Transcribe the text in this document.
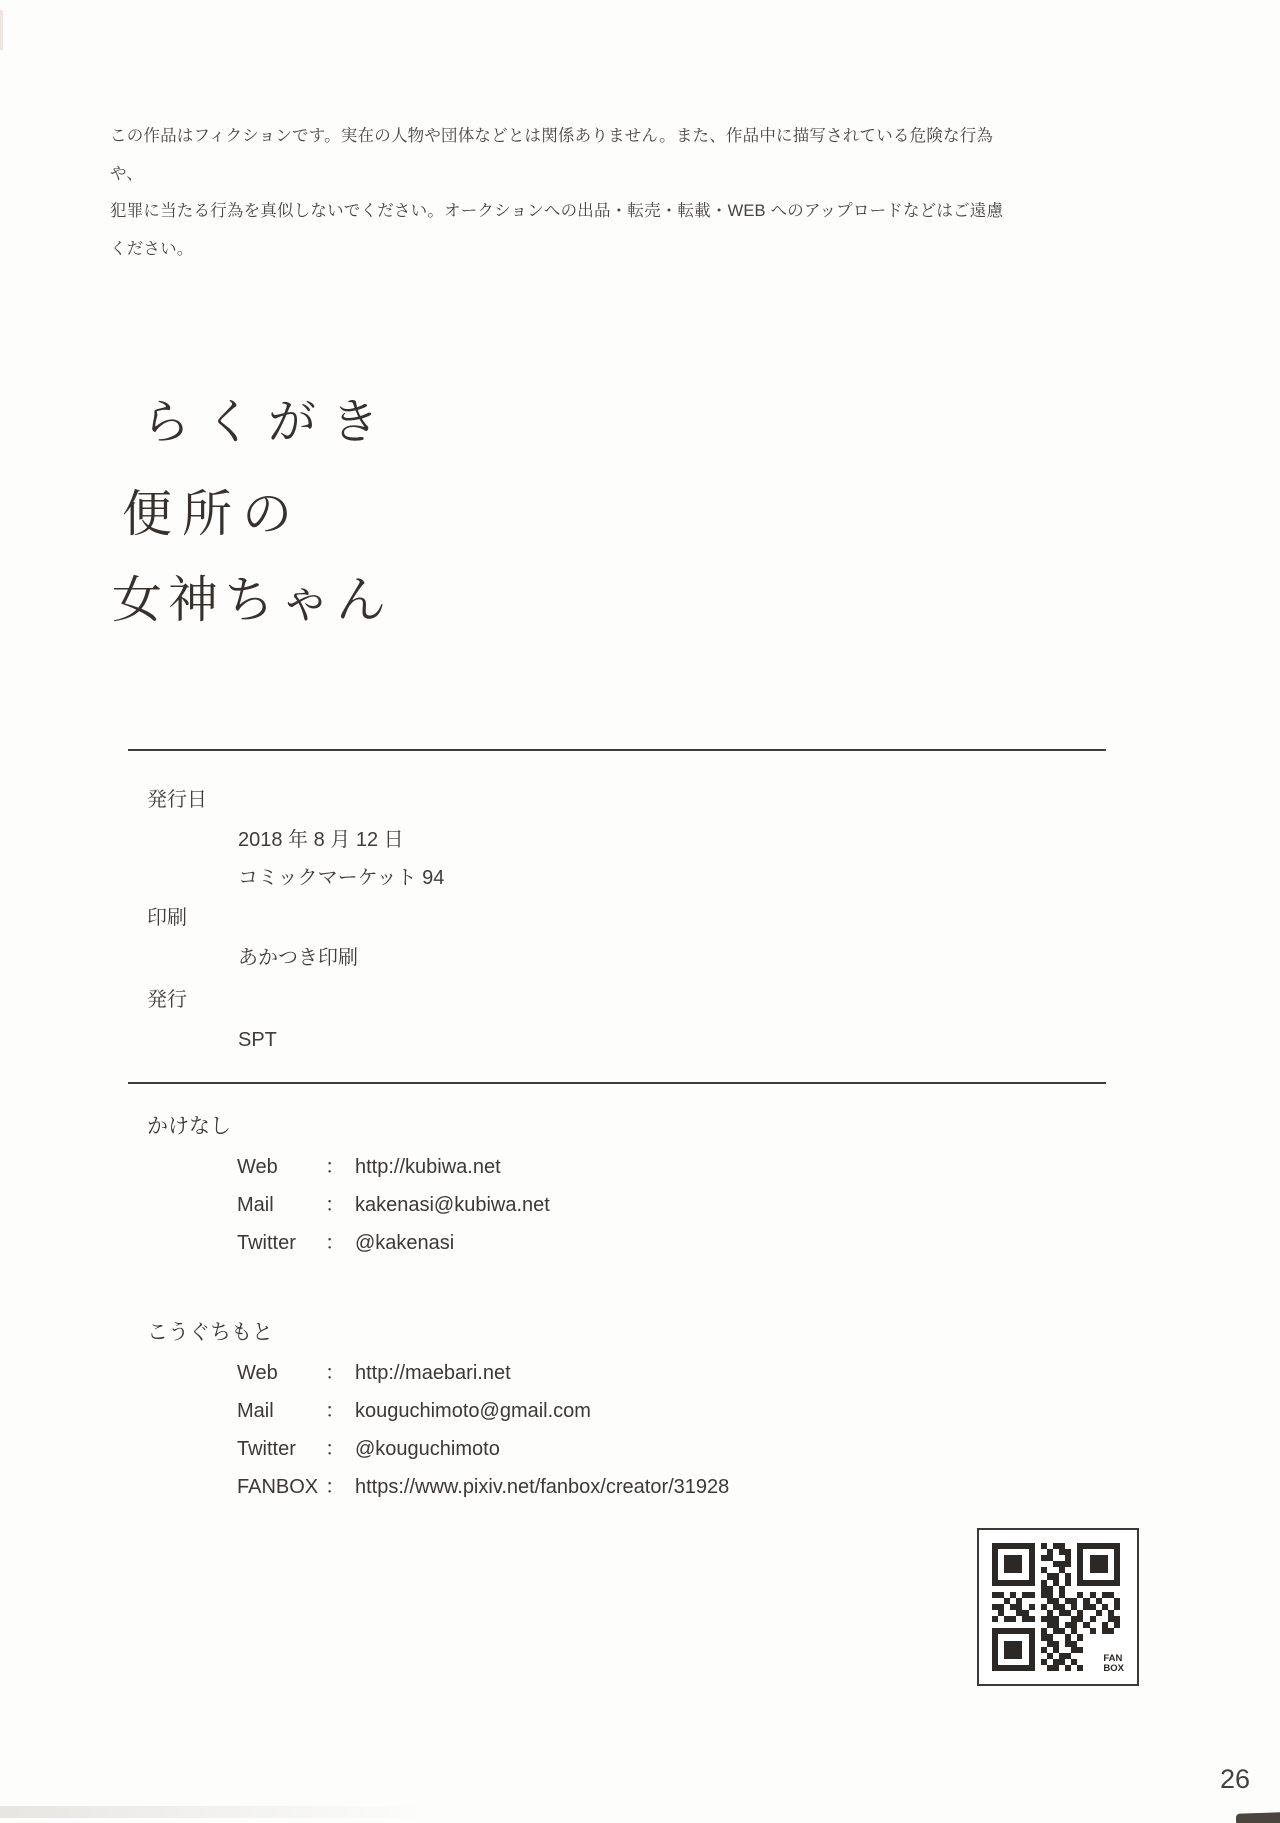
この作品はフィクションです。実在の人物や団体などとは関係ありません。また、作品中に描写されている危険な行為や、
犯罪に当たる行為を真似しないでください。オークションへの出品・転売・転載・WEB へのアップロードなどはご遠慮
ください。
らくがき
便所の
女神ちゃん
発行日
2018 年 8 月 12 日
コミックマーケット 94
印刷
あかつき印刷
発行
SPT
かけなし
Web	： http://kubiwa.net
Mail	： kakenasi@kubiwa.net
Twitter	： @kakenasi
こうぐちもと
Web	： http://maebari.net
Mail	： kouguchimoto@gmail.com
Twitter	： @kouguchimoto
FANBOX ： https://www.pixiv.net/fanbox/creator/31928
FAN
BOX
26
